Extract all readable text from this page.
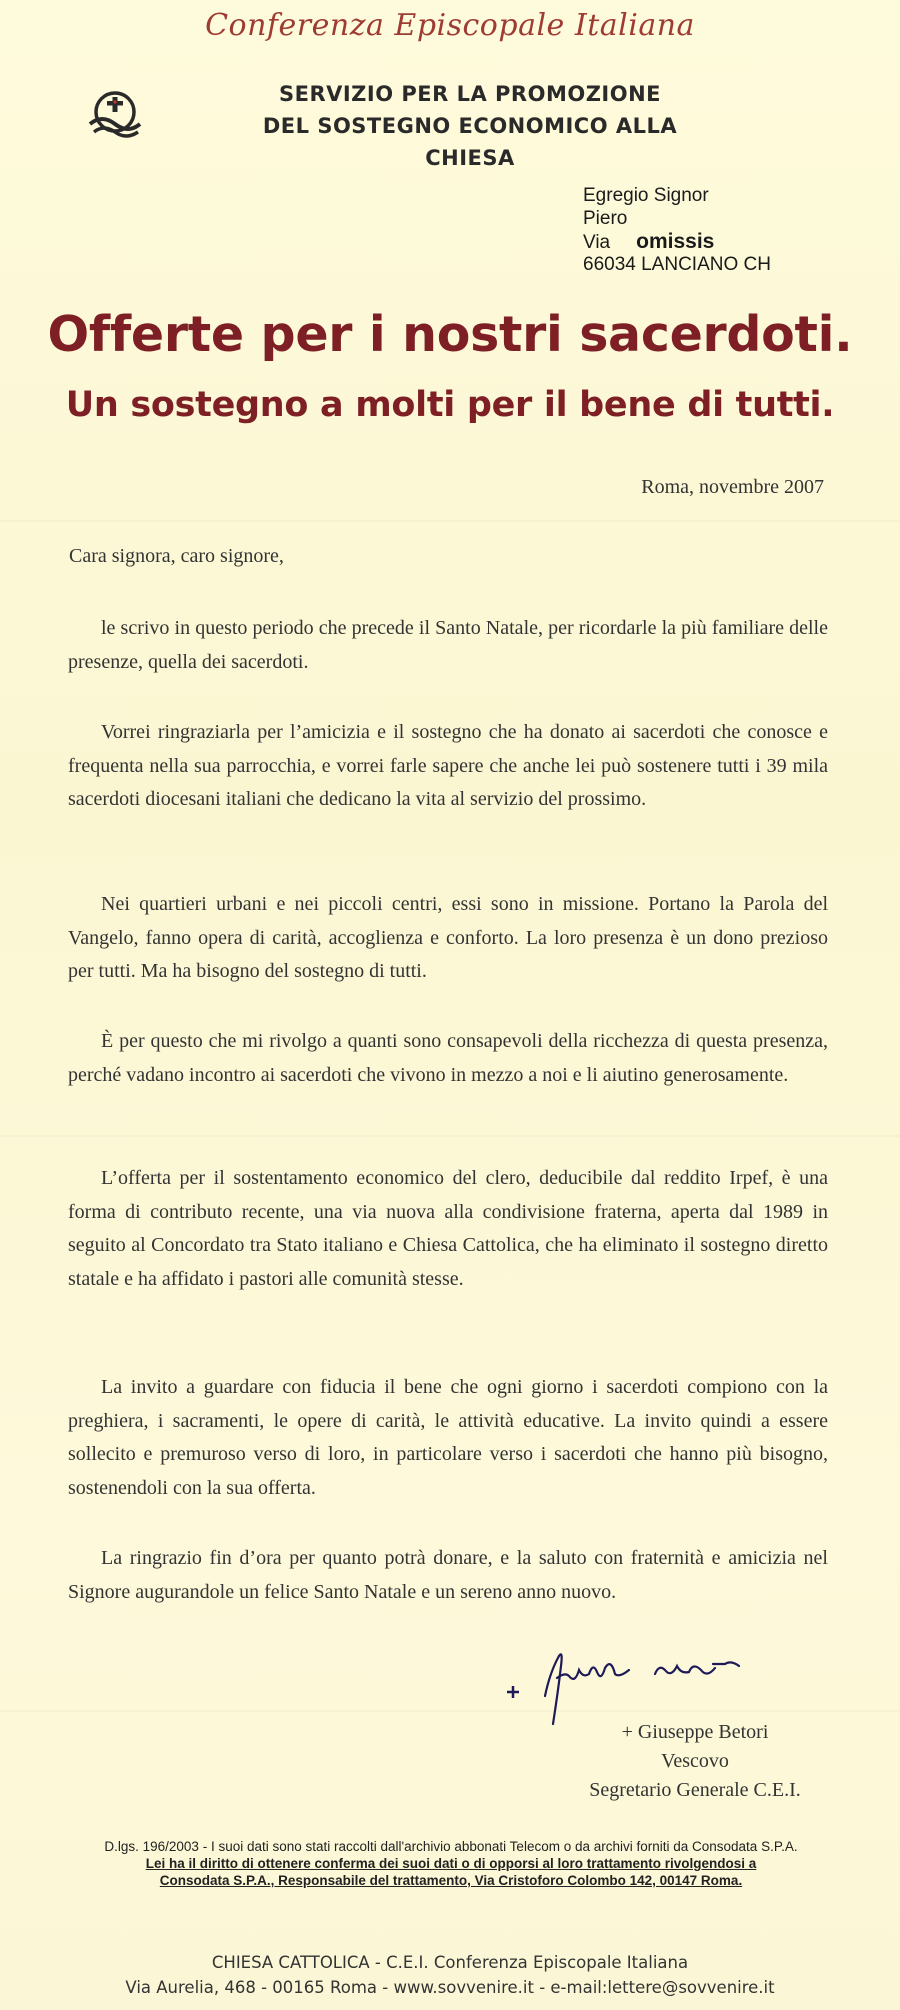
Conferenza Episcopale Italiana
SERVIZIO PER LA PROMOZIONE
DEL SOSTEGNO ECONOMICO ALLA CHIESA
Egregio Signor
Piero
Via omissis
66034 LANCIANO CH
Offerte per i nostri sacerdoti.
Un sostegno a molti per il bene di tutti.
Roma, novembre 2007
Cara signora, caro signore,
le scrivo in questo periodo che precede il Santo Natale, per ricordarle la più familiare delle presenze, quella dei sacerdoti.
Vorrei ringraziarla per l’amicizia e il sostegno che ha donato ai sacerdoti che conosce e frequenta nella sua parrocchia, e vorrei farle sapere che anche lei può sostenere tutti i 39 mila sacerdoti diocesani italiani che dedicano la vita al servizio del prossimo.
Nei quartieri urbani e nei piccoli centri, essi sono in missione. Portano la Parola del Vangelo, fanno opera di carità, accoglienza e conforto. La loro presenza è un dono prezioso per tutti. Ma ha bisogno del sostegno di tutti.
È per questo che mi rivolgo a quanti sono consapevoli della ricchezza di questa presenza, perché vadano incontro ai sacerdoti che vivono in mezzo a noi e li aiutino generosamente.
L’offerta per il sostentamento economico del clero, deducibile dal reddito Irpef, è una forma di contributo recente, una via nuova alla condivisione fraterna, aperta dal 1989 in seguito al Concordato tra Stato italiano e Chiesa Cattolica, che ha eliminato il sostegno diretto statale e ha affidato i pastori alle comunità stesse.
La invito a guardare con fiducia il bene che ogni giorno i sacerdoti compiono con la preghiera, i sacramenti, le opere di carità, le attività educative. La invito quindi a essere sollecito e premuroso verso di loro, in particolare verso i sacerdoti che hanno più bisogno, sostenendoli con la sua offerta.
La ringrazio fin d’ora per quanto potrà donare, e la saluto con fraternità e amicizia nel Signore augurandole un felice Santo Natale e un sereno anno nuovo.
+ Giuseppe Betori
Vescovo
Segretario Generale C.E.I.
D.lgs. 196/2003 - I suoi dati sono stati raccolti dall'archivio abbonati Telecom o da archivi forniti da Consodata S.P.A.
Lei ha il diritto di ottenere conferma dei suoi dati o di opporsi al loro trattamento rivolgendosi a
Consodata S.P.A., Responsabile del trattamento, Via Cristoforo Colombo 142, 00147 Roma.
CHIESA CATTOLICA - C.E.I. Conferenza Episcopale Italiana
Via Aurelia, 468 - 00165 Roma - www.sovvenire.it - e-mail:lettere@sovvenire.it
